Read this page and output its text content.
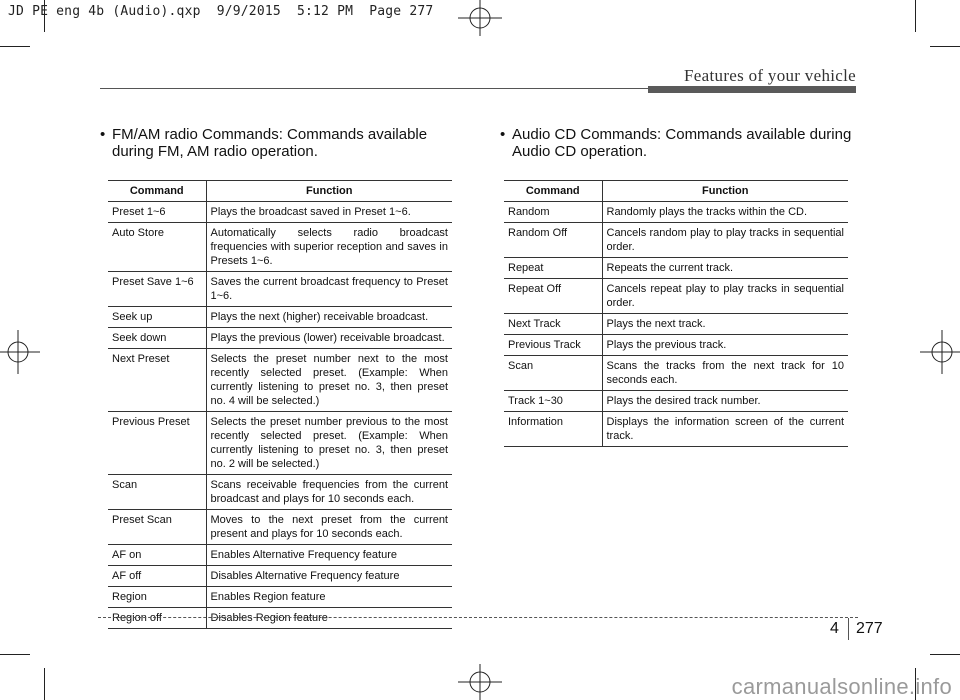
JD PE eng 4b (Audio).qxp  9/9/2015  5:12 PM  Page 277
Features of your vehicle
• FM/AM radio Commands: Commands available during FM, AM radio operation.
Command	Function
Preset 1~6	Plays the broadcast saved in Preset 1~6.
Auto Store	Automatically selects radio broadcast frequencies with superior reception and saves in Presets 1~6.
Preset Save 1~6	Saves the current broadcast frequency to Preset 1~6.
Seek up	Plays the next (higher) receivable broadcast.
Seek down	Plays the previous (lower) receivable broadcast.
Next Preset	Selects the preset number next to the most recently selected preset. (Example: When currently listening to preset no. 3, then preset no. 4 will be selected.)
Previous Preset	Selects the preset number previous to the most recently selected preset. (Example: When currently listening to preset no. 3, then preset no. 2 will be selected.)
Scan	Scans receivable frequencies from the current broadcast and plays for 10 seconds each.
Preset Scan	Moves to the next preset from the current present and plays for 10 seconds each.
AF on	Enables Alternative Frequency feature
AF off	Disables Alternative Frequency feature
Region	Enables Region feature
Region off	Disables Region feature
• Audio CD Commands: Commands available during Audio CD operation.
Command	Function
Random	Randomly plays the tracks within the CD.
Random Off	Cancels random play to play tracks in sequential order.
Repeat	Repeats the current track.
Repeat Off	Cancels repeat play to play tracks in sequential order.
Next Track	Plays the next track.
Previous Track	Plays the previous track.
Scan	Scans the tracks from the next track for 10 seconds each.
Track 1~30	Plays the desired track number.
Information	Displays the information screen of the current track.
4 277
carmanualsonline.info
